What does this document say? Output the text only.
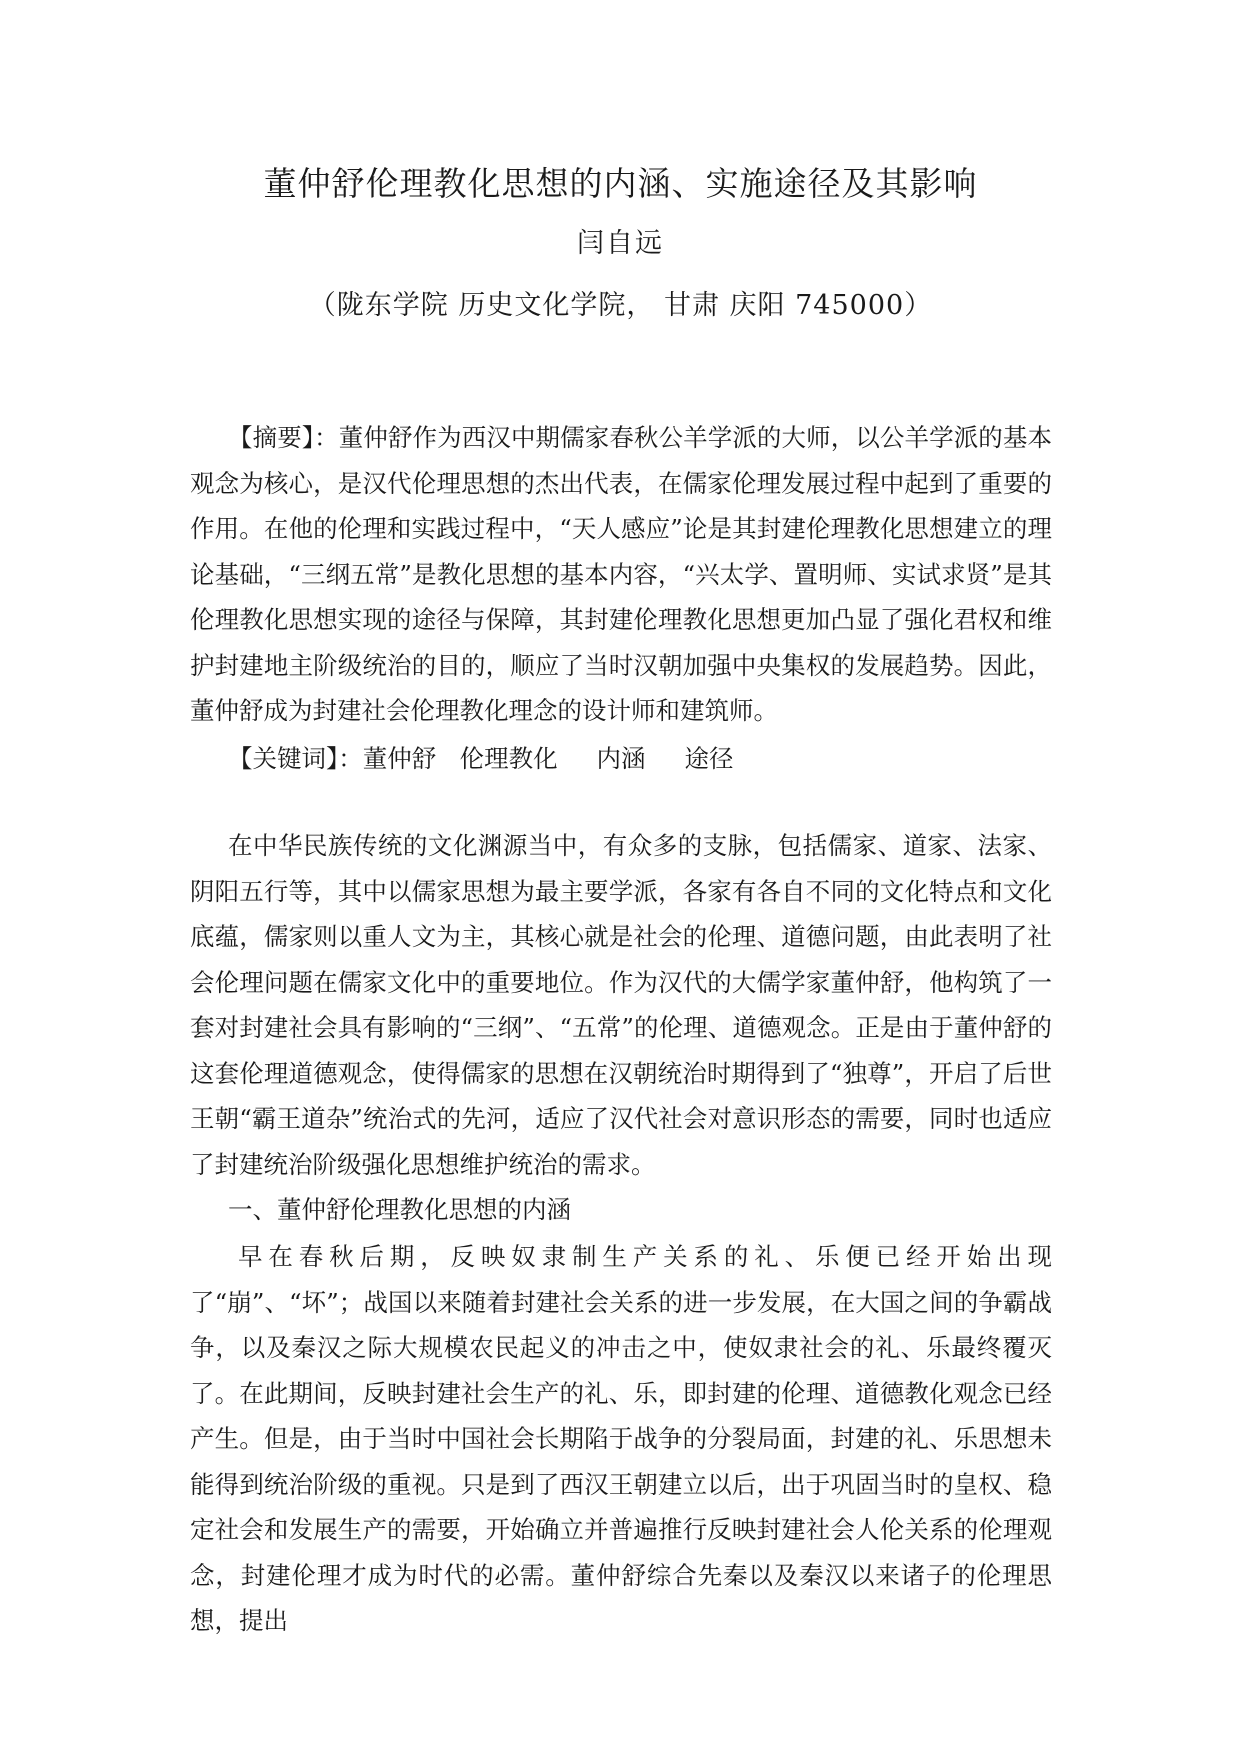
董仲舒伦理教化思想的内涵、实施途径及其影响
闫自远
（陇东学院 历史文化学院， 甘肃 庆阳 745000）

【摘要】：董仲舒作为西汉中期儒家春秋公羊学派的大师，以公羊学派的基本观念为核心，是汉代伦理思想的杰出代表，在儒家伦理发展过程中起到了重要的作用。在他的伦理和实践过程中，“天人感应”论是其封建伦理教化思想建立的理论基础，“三纲五常”是教化思想的基本内容，“兴太学、置明师、实试求贤”是其伦理教化思想实现的途径与保障，其封建伦理教化思想更加凸显了强化君权和维护封建地主阶级统治的目的，顺应了当时汉朝加强中央集权的发展趋势。因此，董仲舒成为封建社会伦理教化理念的设计师和建筑师。

【关键词】：董仲舒   伦理教化     内涵     途径

在中华民族传统的文化渊源当中，有众多的支脉，包括儒家、道家、法家、阴阳五行等，其中以儒家思想为最主要学派，各家有各自不同的文化特点和文化底蕴，儒家则以重人文为主，其核心就是社会的伦理、道德问题，由此表明了社会伦理问题在儒家文化中的重要地位。作为汉代的大儒学家董仲舒，他构筑了一套对封建社会具有影响的“三纲”、“五常”的伦理、道德观念。正是由于董仲舒的这套伦理道德观念，使得儒家的思想在汉朝统治时期得到了“独尊”，开启了后世王朝“霸王道杂”统治式的先河，适应了汉代社会对意识形态的需要，同时也适应了封建统治阶级强化思想维护统治的需求。

一、董仲舒伦理教化思想的内涵

早在春秋后期，反映奴隶制生产关系的礼、乐便已经开始出现了“崩”、“坏”；战国以来随着封建社会关系的进一步发展，在大国之间的争霸战争，以及秦汉之际大规模农民起义的冲击之中，使奴隶社会的礼、乐最终覆灭了。在此期间，反映封建社会生产的礼、乐，即封建的伦理、道德教化观念已经产生。但是，由于当时中国社会长期陷于战争的分裂局面，封建的礼、乐思想未能得到统治阶级的重视。只是到了西汉王朝建立以后，出于巩固当时的皇权、稳定社会和发展生产的需要，开始确立并普遍推行反映封建社会人伦关系的伦理观念，封建伦理才成为时代的必需。董仲舒综合先秦以及秦汉以来诸子的伦理思想，提出
